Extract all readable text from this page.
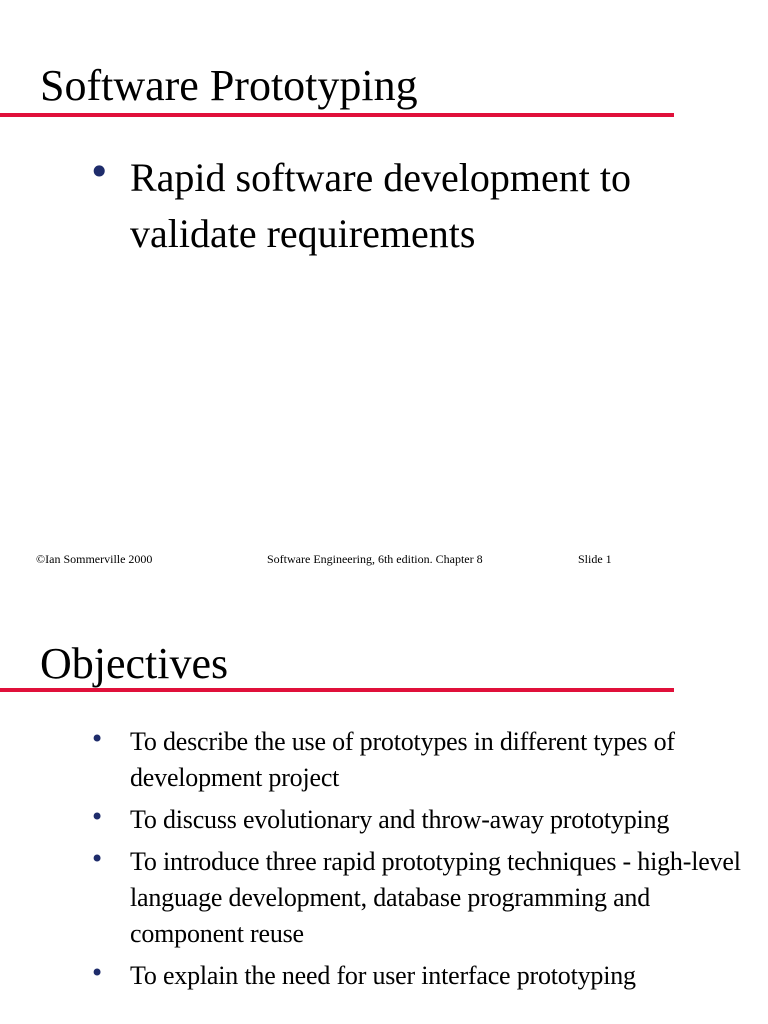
Software Prototyping
• Rapid software development to validate requirements
©Ian Sommerville 2000	Software Engineering, 6th edition. Chapter 8	Slide 1
Objectives
• To describe the use of prototypes in different types of development project
• To discuss evolutionary and throw-away prototyping
• To introduce three rapid prototyping techniques - high-level language development, database programming and component reuse
• To explain the need for user interface prototyping
